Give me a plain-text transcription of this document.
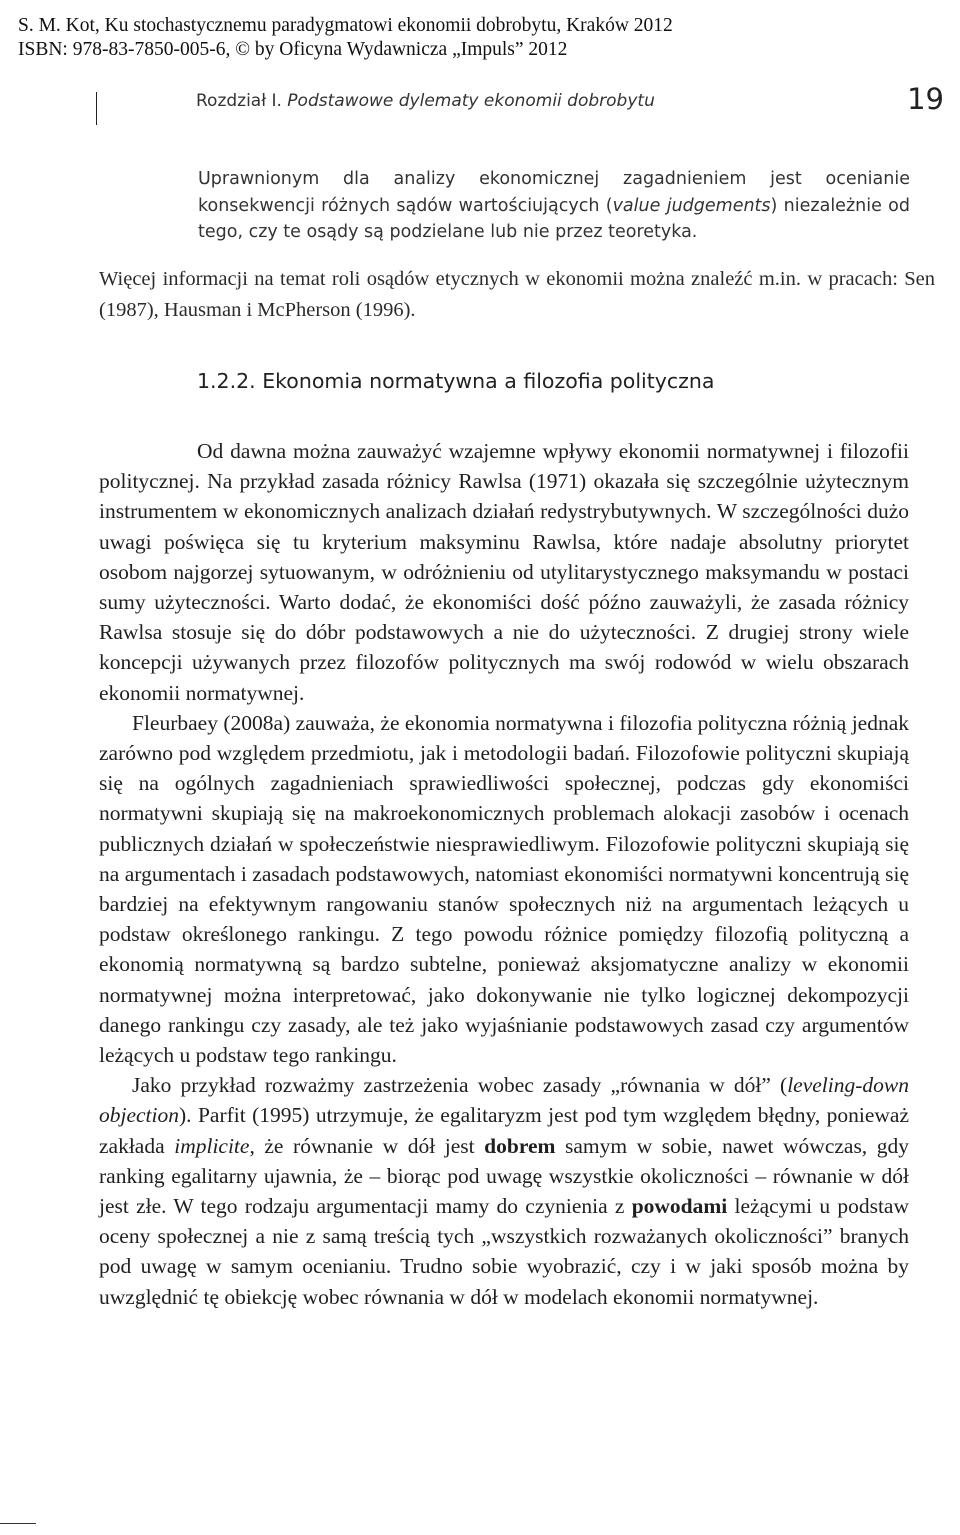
S. M. Kot, Ku stochastycznemu paradygmatowi ekonomii dobrobytu, Kraków 2012
ISBN: 978-83-7850-005-6, © by Oficyna Wydawnicza „Impuls” 2012
Rozdział I. Podstawowe dylematy ekonomii dobrobytu	19

Uprawnionym dla analizy ekonomicznej zagadnieniem jest ocenianie konsekwencji różnych sądów wartościujących (value judgements) niezależnie od tego, czy te osądy są podzielane lub nie przez teoretyka.

Więcej informacji na temat roli osądów etycznych w ekonomii można znaleźć m.in. w pracach: Sen (1987), Hausman i McPherson (1996).

1.2.2. Ekonomia normatywna a filozofia polityczna

Od dawna można zauważyć wzajemne wpływy ekonomii normatywnej i filozofii politycznej. Na przykład zasada różnicy Rawlsa (1971) okazała się szczególnie użytecznym instrumentem w ekonomicznych analizach działań redystrybutywnych. W szczególności dużo uwagi poświęca się tu kryterium maksyminu Rawlsa, które nadaje absolutny priorytet osobom najgorzej sytuowanym, w odróżnieniu od utylitarystycznego maksymandu w postaci sumy użyteczności. Warto dodać, że ekonomiści dość późno zauważyli, że zasada różnicy Rawlsa stosuje się do dóbr podstawowych a nie do użyteczności. Z drugiej strony wiele koncepcji używanych przez filozofów politycznych ma swój rodowód w wielu obszarach ekonomii normatywnej.

Fleurbaey (2008a) zauważa, że ekonomia normatywna i filozofia polityczna różnią jednak zarówno pod względem przedmiotu, jak i metodologii badań. Filozofowie polityczni skupiają się na ogólnych zagadnieniach sprawiedliwości społecznej, podczas gdy ekonomiści normatywni skupiają się na makroekonomicznych problemach alokacji zasobów i ocenach publicznych działań w społeczeństwie niesprawiedliwym. Filozofowie polityczni skupiają się na argumentach i zasadach podstawowych, natomiast ekonomiści normatywni koncentrują się bardziej na efektywnym rangowaniu stanów społecznych niż na argumentach leżących u podstaw określonego rankingu. Z tego powodu różnice pomiędzy filozofią polityczną a ekonomią normatywną są bardzo subtelne, ponieważ aksjomatyczne analizy w ekonomii normatywnej można interpretować, jako dokonywanie nie tylko logicznej dekompozycji danego rankingu czy zasady, ale też jako wyjaśnianie podstawowych zasad czy argumentów leżących u podstaw tego rankingu.

Jako przykład rozważmy zastrzeżenia wobec zasady „równania w dół” (leveling-down objection). Parfit (1995) utrzymuje, że egalitaryzm jest pod tym względem błędny, ponieważ zakłada implicite, że równanie w dół jest dobrem samym w sobie, nawet wówczas, gdy ranking egalitarny ujawnia, że – biorąc pod uwagę wszystkie okoliczności – równanie w dół jest złe. W tego rodzaju argumentacji mamy do czynienia z powodami leżącymi u podstaw oceny społecznej a nie z samą treścią tych „wszystkich rozważanych okoliczności” branych pod uwagę w samym ocenianiu. Trudno sobie wyobrazić, czy i w jaki sposób można by uwzględnić tę obiekcję wobec równania w dół w modelach ekonomii normatywnej.
